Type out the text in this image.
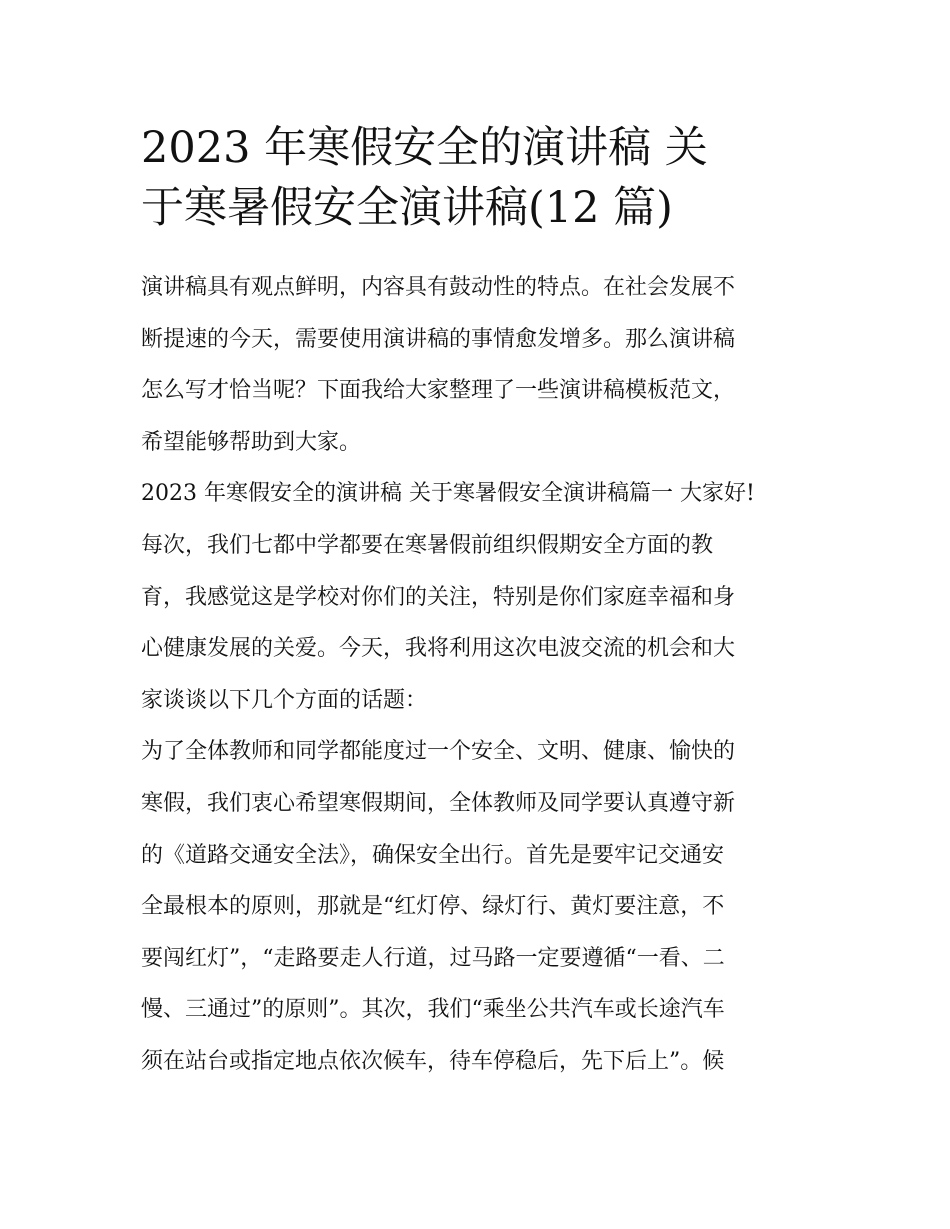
2023 年寒假安全的演讲稿 关
于寒暑假安全演讲稿(12 篇)
演讲稿具有观点鲜明，内容具有鼓动性的特点。在社会发展不
断提速的今天，需要使用演讲稿的事情愈发增多。那么演讲稿
怎么写才恰当呢？下面我给大家整理了一些演讲稿模板范文，
希望能够帮助到大家。
2023 年寒假安全的演讲稿 关于寒暑假安全演讲稿篇一 大家好!
每次，我们七都中学都要在寒暑假前组织假期安全方面的教
育，我感觉这是学校对你们的关注，特别是你们家庭幸福和身
心健康发展的关爱。今天，我将利用这次电波交流的机会和大
家谈谈以下几个方面的话题：
为了全体教师和同学都能度过一个安全、文明、健康、愉快的
寒假，我们衷心希望寒假期间，全体教师及同学要认真遵守新
的《道路交通安全法》，确保安全出行。首先是要牢记交通安
全最根本的原则，那就是“红灯停、绿灯行、黄灯要注意，不
要闯红灯”，“走路要走人行道，过马路一定要遵循“一看、二
慢、三通过”的原则”。其次，我们“乘坐公共汽车或长途汽车
须在站台或指定地点依次候车，待车停稳后，先下后上”。候
